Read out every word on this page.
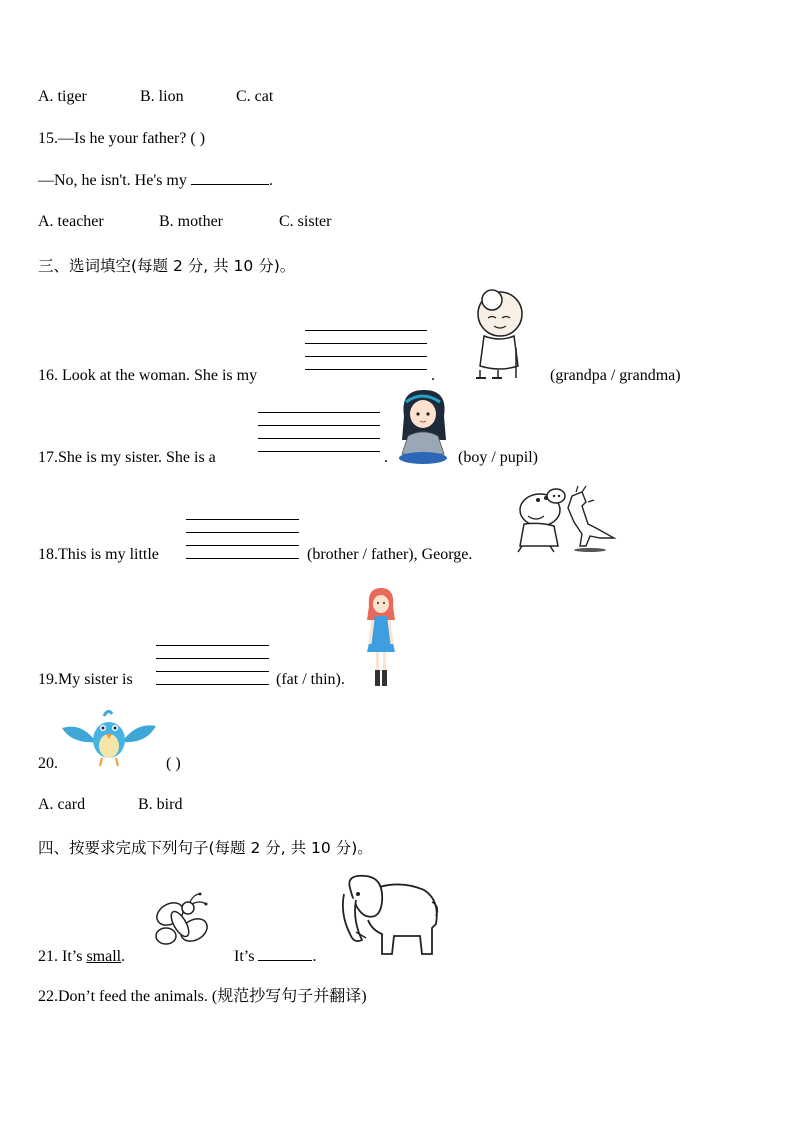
A. tiger	B. lion	C. cat
15.—Is he your father? ( )
—No, he isn't. He's my	.
A. teacher	B. mother	C. sister
三、选词填空(每题 2 分, 共 10 分)。
16. Look at the woman. She is my	.	(grandpa / grandma)
17.She is my sister. She is a	.	(boy / pupil)
18.This is my little	(brother / father), George.
19.My sister is	(fat / thin).
20.	( )
A. card	B. bird
四、按要求完成下列句子(每题 2 分, 共 10 分)。
21. It’s small.	It’s	.
22.Don’t feed the animals. (规范抄写句子并翻译)
